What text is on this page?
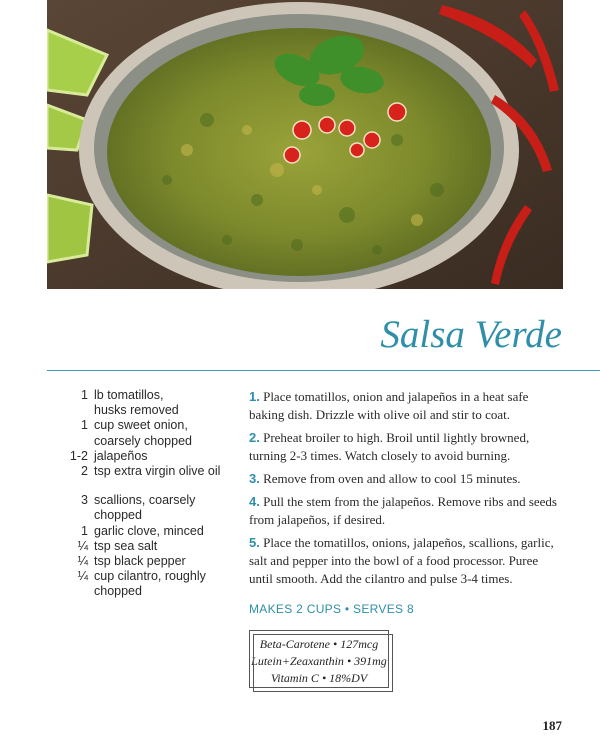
Salsa Verde
1 lb tomatillos,
husks removed
1 cup sweet onion,
coarsely chopped
1-2 jalapeños
2 tsp extra virgin olive oil
3 scallions, coarsely
chopped
1 garlic clove, minced
¼ tsp sea salt
¼ tsp black pepper
¼ cup cilantro, roughly
chopped

1. Place tomatillos, onion and jalapeños in a heat safe baking dish. Drizzle with olive oil and stir to coat.

2. Preheat broiler to high. Broil until lightly browned, turning 2-3 times. Watch closely to avoid burning.

3. Remove from oven and allow to cool 15 minutes.

4. Pull the stem from the jalapeños. Remove ribs and seeds from jalapeños, if desired.

5. Place the tomatillos, onions, jalapeños, scallions, garlic, salt and pepper into the bowl of a food processor. Puree until smooth. Add the cilantro and pulse 3-4 times.

MAKES 2 CUPS • SERVES 8
Beta-Carotene • 127mcg
Lutein+Zeaxanthin • 391mg
Vitamin C • 18%DV
187
